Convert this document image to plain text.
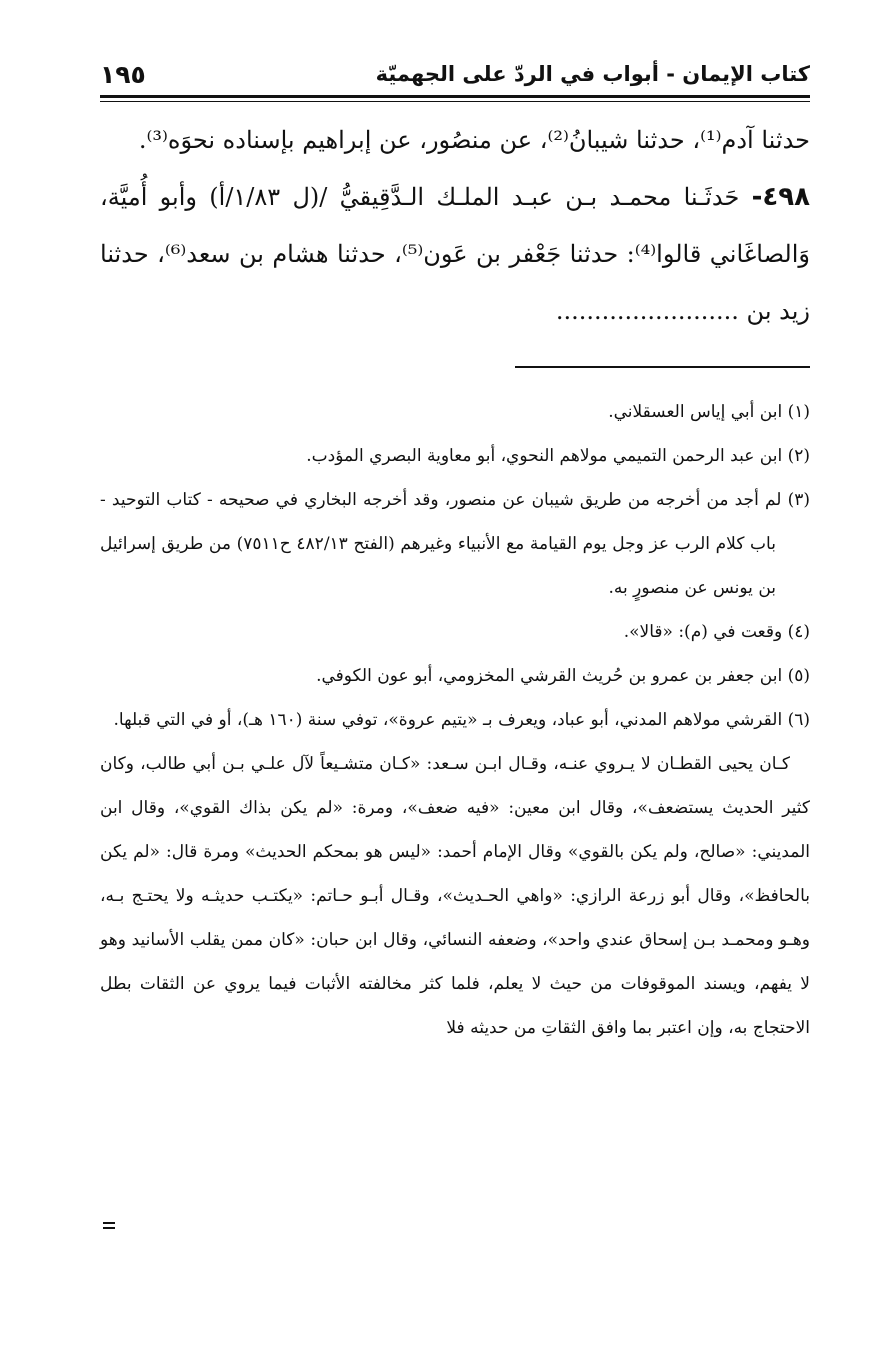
كتاب الإيمان - أبواب في الردّ على الجهميّة
١٩٥

حدثنا آدم⁽¹⁾، حدثنا شيبانُ⁽²⁾، عن منصُور، عن إبراهيم بإسناده نحوَه⁽³⁾.

٤٩٨- حَدثَـنا محمـد بـن عبـد الملـك الـدَّقِيقيُّ /(ل ١/٨٣/أ) وأبو أُميَّة، وَالصاغَاني قالوا⁽⁴⁾: حدثنا جَعْفر بن عَون⁽⁵⁾، حدثنا هشام بن سعد⁽⁶⁾، حدثنا زيد بن ........................

(١) ابن أبي إياس العسقلاني.

(٢) ابن عبد الرحمن التميمي مولاهم النحوي، أبو معاوية البصري المؤدب.

(٣) لم أجد من أخرجه من طريق شيبان عن منصور، وقد أخرجه البخاري في صحيحه - كتاب التوحيد - باب كلام الرب عز وجل يوم القيامة مع الأنبياء وغيرهم (الفتح ٤٨٢/١٣ ح٧٥١١) من طريق إسرائيل بن يونس عن منصورٍ به.

(٤) وقعت في (م): «قالا».

(٥) ابن جعفر بن عمرو بن حُريث القرشي المخزومي، أبو عون الكوفي.

(٦) القرشي مولاهم المدني، أبو عباد، ويعرف بـ «يتيم عروة»، توفي سنة (١٦٠ هـ)، أو في التي قبلها.

كـان يحيى القطـان لا يـروي عنـه، وقـال ابـن سـعد: «كـان متشـيعاً لآل علـي بـن أبي طالب، وكان كثير الحديث يستضعف»، وقال ابن معين: «فيه ضعف»، ومرة: «لم يكن بذاك القوي»، وقال ابن المديني: «صالح، ولم يكن بالقوي» وقال الإمام أحمد: «ليس هو بمحكم الحديث» ومرة قال: «لم يكن بالحافظ»، وقال أبو زرعة الرازي: «واهي الحـديث»، وقـال أبـو حـاتم: «يكتـب حديثـه ولا يحتـج بـه، وهـو ومحمـد بـن إسحاق عندي واحد»، وضعفه النسائي، وقال ابن حبان: «كان ممن يقلب الأسانيد وهو لا يفهم، ويسند الموقوفات من حيث لا يعلم، فلما كثر مخالفته الأثبات فيما يروي عن الثقات بطل الاحتجاج به، وإن اعتبر بما وافق الثقاتِ من حديثه فلا
